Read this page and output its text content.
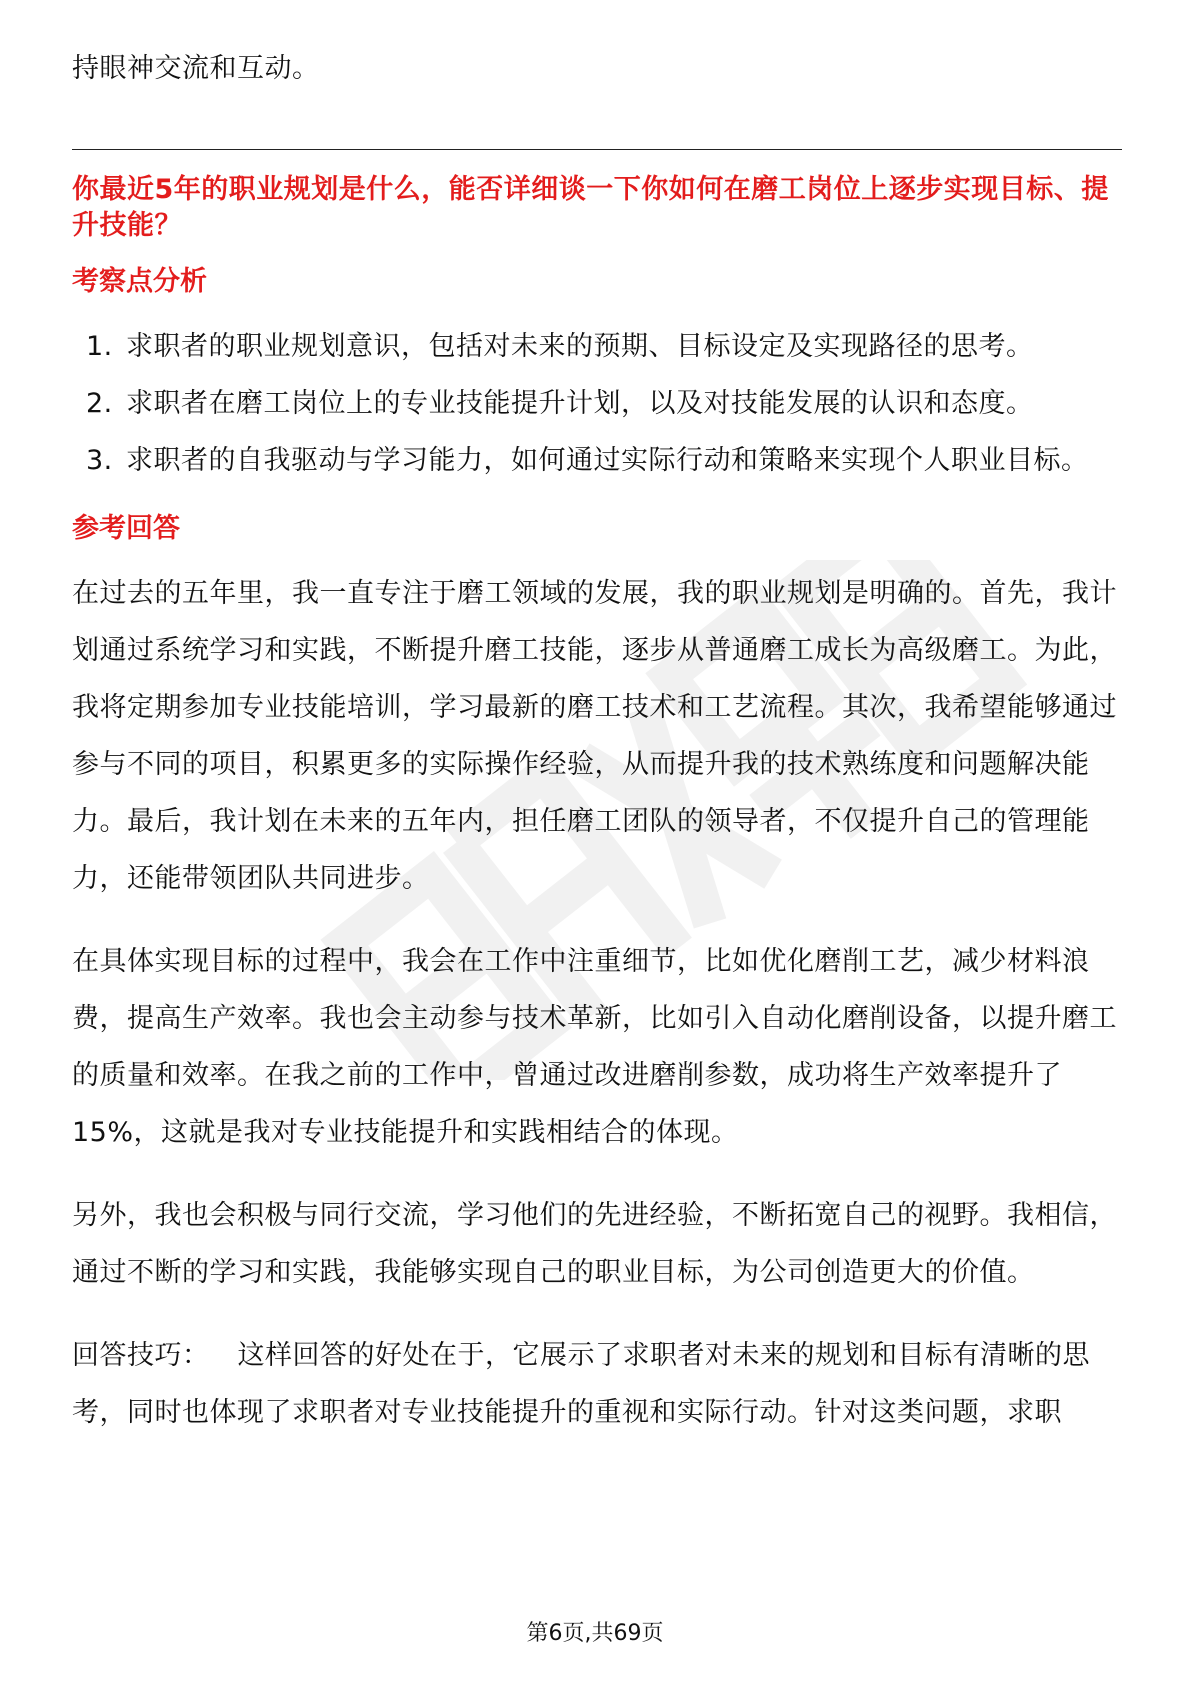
持眼神交流和互动。

你最近5年的职业规划是什么，能否详细谈一下你如何在磨工岗位上逐步实现目标、提升技能？

考察点分析
1. 求职者的职业规划意识，包括对未来的预期、目标设定及实现路径的思考。
2. 求职者在磨工岗位上的专业技能提升计划，以及对技能发展的认识和态度。
3. 求职者的自我驱动与学习能力，如何通过实际行动和策略来实现个人职业目标。
参考回答

在过去的五年里，我一直专注于磨工领域的发展，我的职业规划是明确的。首先，我计划通过系统学习和实践，不断提升磨工技能，逐步从普通磨工成长为高级磨工。为此，我将定期参加专业技能培训，学习最新的磨工技术和工艺流程。其次，我希望能够通过参与不同的项目，积累更多的实际操作经验，从而提升我的技术熟练度和问题解决能力。最后，我计划在未来的五年内，担任磨工团队的领导者，不仅提升自己的管理能力，还能带领团队共同进步。

在具体实现目标的过程中，我会在工作中注重细节，比如优化磨削工艺，减少材料浪费，提高生产效率。我也会主动参与技术革新，比如引入自动化磨削设备，以提升磨工的质量和效率。在我之前的工作中，曾通过改进磨削参数，成功将生产效率提升了15%，这就是我对专业技能提升和实践相结合的体现。

另外，我也会积极与同行交流，学习他们的先进经验，不断拓宽自己的视野。我相信，通过不断的学习和实践，我能够实现自己的职业目标，为公司创造更大的价值。

回答技巧： 这样回答的好处在于，它展示了求职者对未来的规划和目标有清晰的思考，同时也体现了求职者对专业技能提升的重视和实际行动。针对这类问题，求职

第6页,共69页
